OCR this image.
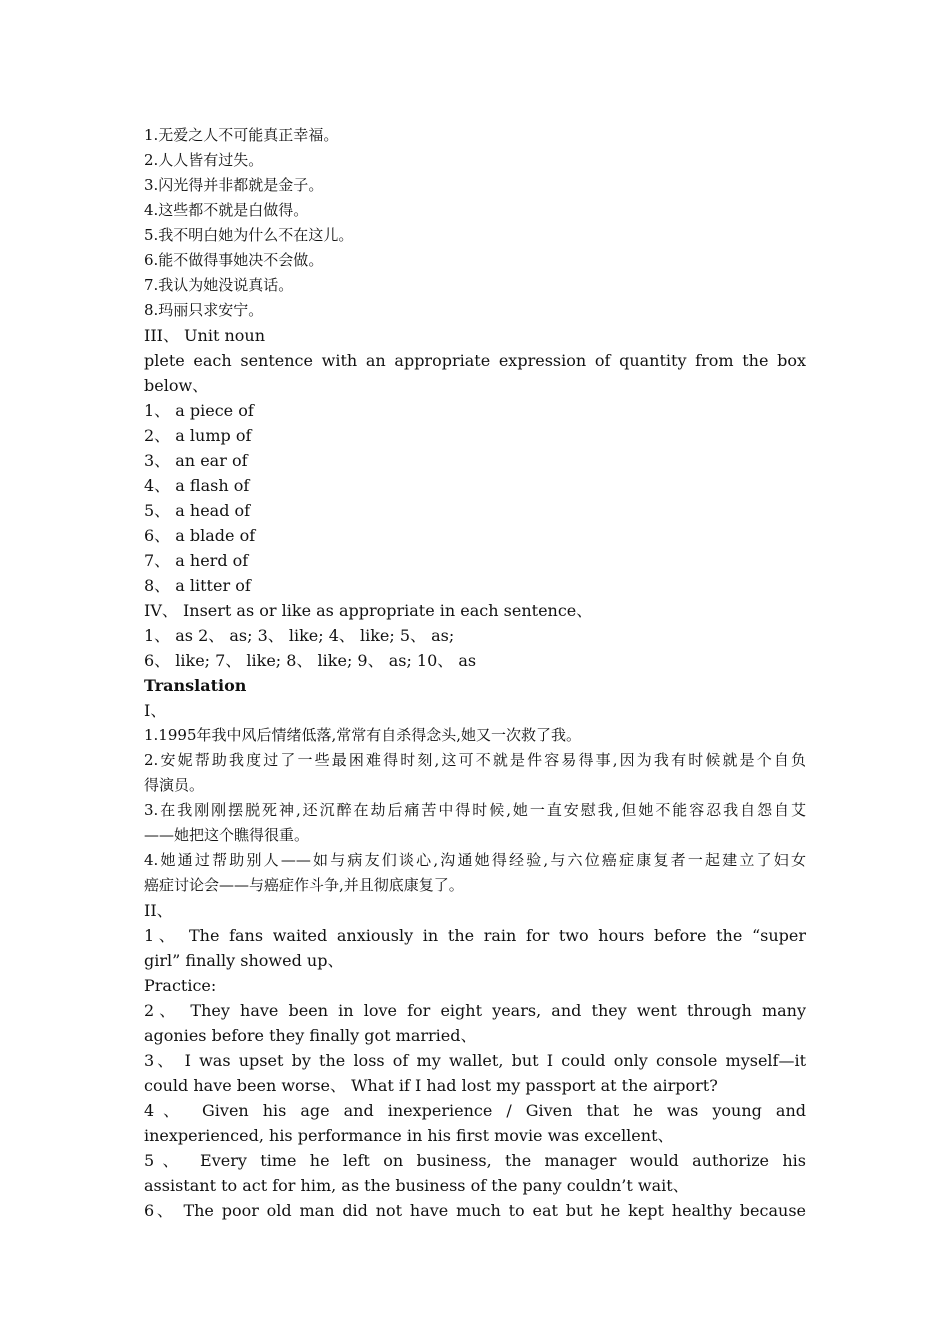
1.无爱之人不可能真正幸福。
2.人人皆有过失。
3.闪光得并非都就是金子。
4.这些都不就是白做得。
5.我不明白她为什么不在这儿。
6.能不做得事她决不会做。
7.我认为她没说真话。
8.玛丽只求安宁。
III、 Unit noun
plete each sentence with an appropriate expression of quantity from the box
below、
1、 a piece of
2、 a lump of
3、 an ear of
4、 a flash of
5、 a head of
6、 a blade of
7、 a herd of
8、 a litter of
IV、 Insert as or like as appropriate in each sentence、
1、 as 2、 as; 3、 like; 4、 like; 5、 as;
6、 like; 7、 like; 8、 like; 9、 as; 10、 as
Translation
I、
1.1995年我中风后情绪低落,常常有自杀得念头,她又一次救了我。
2.安妮帮助我度过了一些最困难得时刻,这可不就是件容易得事,因为我有时候就是个自负
得演员。
3.在我刚刚摆脱死神,还沉醉在劫后痛苦中得时候,她一直安慰我,但她不能容忍我自怨自艾
——她把这个瞧得很重。
4.她通过帮助别人——如与病友们谈心,沟通她得经验,与六位癌症康复者一起建立了妇女
癌症讨论会——与癌症作斗争,并且彻底康复了。
II、
1、 The fans waited anxiously in the rain for two hours before the “super
girl” finally showed up、
Practice:
2、 They have been in love for eight years, and they went through many
agonies before they finally got married、
3、 I was upset by the loss of my wallet, but I could only console myself—it
could have been worse、 What if I had lost my passport at the airport?
4、 Given his age and inexperience / Given that he was young and
inexperienced, his performance in his first movie was excellent、
5、 Every time he left on business, the manager would authorize his
assistant to act for him, as the business of the pany couldn’t wait、
6、 The poor old man did not have much to eat but he kept healthy because
